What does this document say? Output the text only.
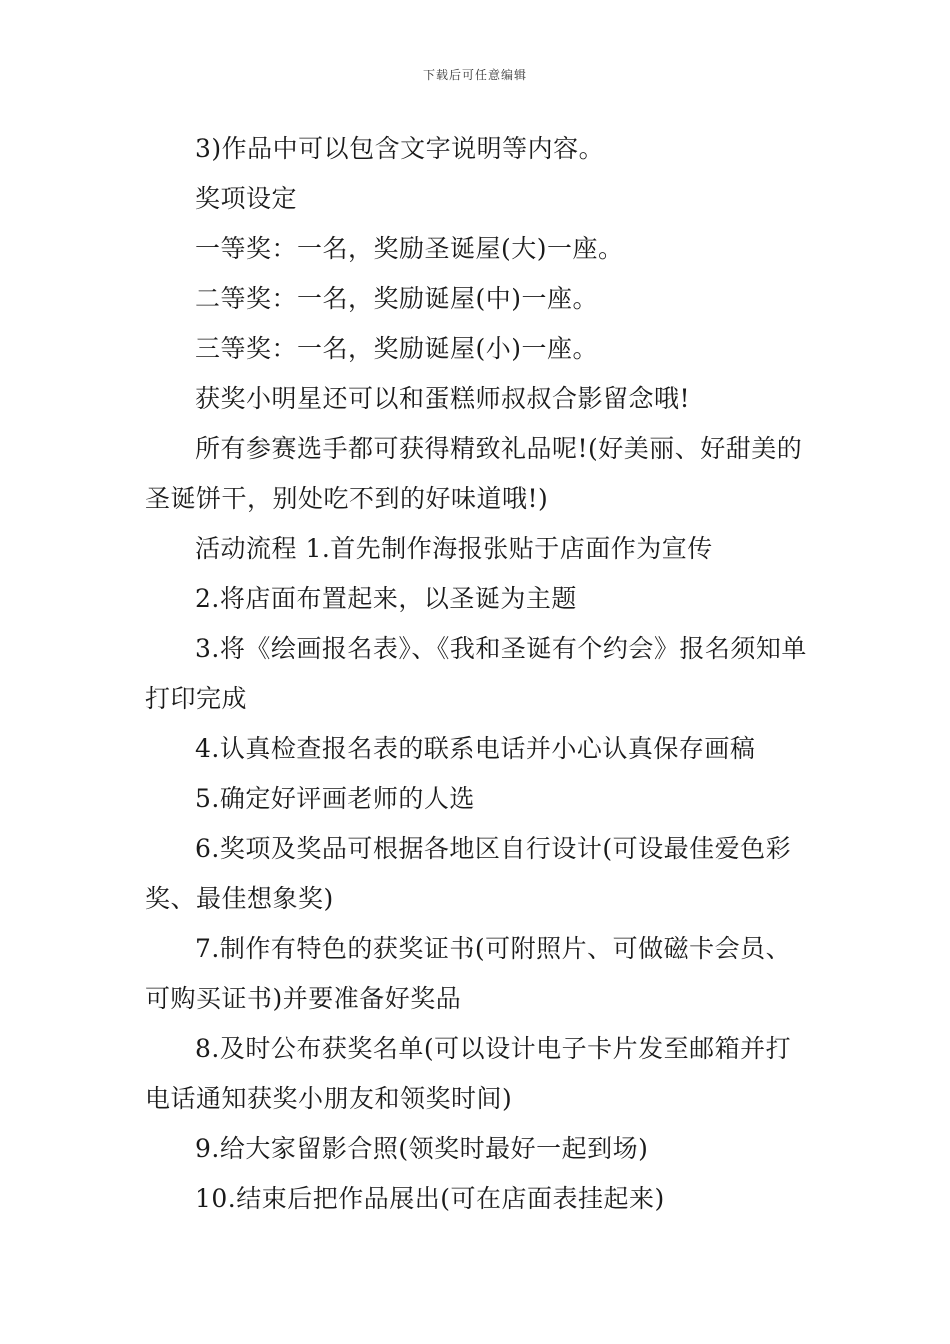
下载后可任意编辑

3)作品中可以包含文字说明等内容。

奖项设定

一等奖：一名，奖励圣诞屋(大)一座。

二等奖：一名，奖励诞屋(中)一座。

三等奖：一名，奖励诞屋(小)一座。

获奖小明星还可以和蛋糕师叔叔合影留念哦!

所有参赛选手都可获得精致礼品呢!(好美丽、好甜美的圣诞饼干，别处吃不到的好味道哦!)

活动流程 1.首先制作海报张贴于店面作为宣传

2.将店面布置起来，以圣诞为主题

3.将《绘画报名表》、《我和圣诞有个约会》报名须知单打印完成

4.认真检查报名表的联系电话并小心认真保存画稿

5.确定好评画老师的人选

6.奖项及奖品可根据各地区自行设计(可设最佳爱色彩奖、最佳想象奖)

7.制作有特色的获奖证书(可附照片、可做磁卡会员、可购买证书)并要准备好奖品

8.及时公布获奖名单(可以设计电子卡片发至邮箱并打电话通知获奖小朋友和领奖时间)

9.给大家留影合照(领奖时最好一起到场)

10.结束后把作品展出(可在店面表挂起来)
